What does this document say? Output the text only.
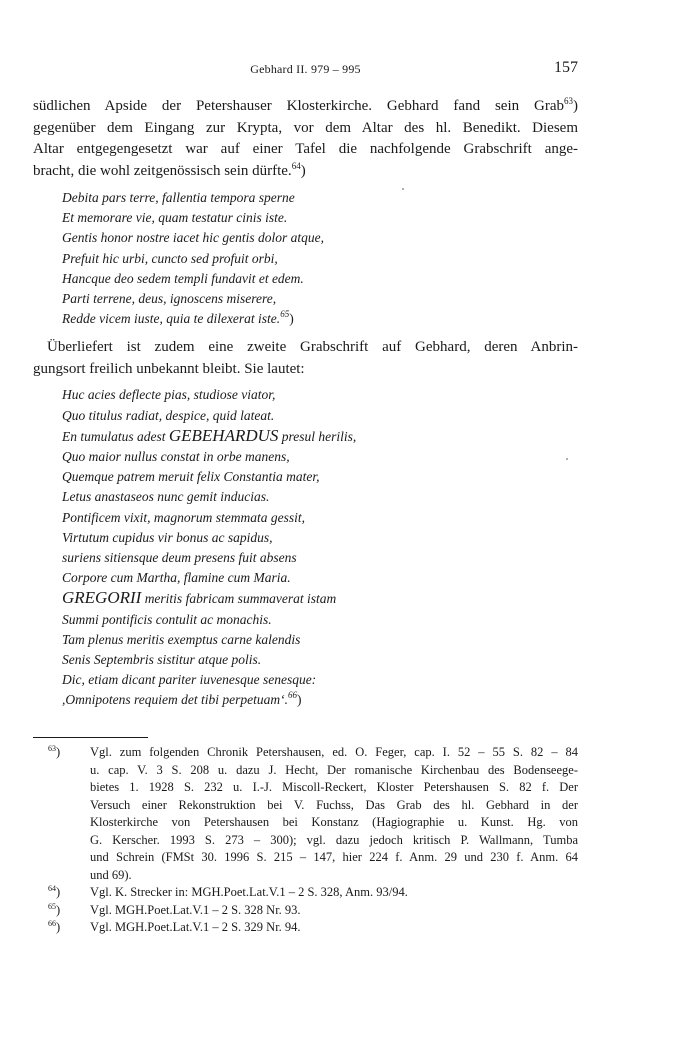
Gebhard II. 979 – 995	157

südlichen Apside der Petershauser Klosterkirche. Gebhard fand sein Grab$^{63}$)
gegenüber dem Eingang zur Krypta, vor dem Altar des hl. Benedikt. Diesem
Altar entgegengesetzt war auf einer Tafel die nachfolgende Grabschrift ange-
bracht, die wohl zeitgenössisch sein dürfte.$^{64}$)

Debita pars terre, fallentia tempora sperne
Et memorare vie, quam testatur cinis iste.
Gentis honor nostre iacet hic gentis dolor atque,
Prefuit hic urbi, cuncto sed profuit orbi,
Hancque deo sedem templi fundavit et edem.
Parti terrene, deus, ignoscens miserere,
Redde vicem iuste, quia te dilexerat iste.$^{65}$)

Überliefert ist zudem eine zweite Grabschrift auf Gebhard, deren Anbrin-
gungsort freilich unbekannt bleibt. Sie lautet:

Huc acies deflecte pias, studiose viator,
Quo titulus radiat, despice, quid lateat.
En tumulatus adest GEBEHARDUS presul herilis,
Quo maior nullus constat in orbe manens,
Quemque patrem meruit felix Constantia mater,
Letus anastaseos nunc gemit inducias.
Pontificem vixit, magnorum stemmata gessit,
Virtutum cupidus vir bonus ac sapidus,
suriens sitiensque deum presens fuit absens
Corpore cum Martha, flamine cum Maria.
GREGORII meritis fabricam summaverat istam
Summi pontificis contulit ac monachis.
Tam plenus meritis exemptus carne kalendis
Senis Septembris sistitur atque polis.
Dic, etiam dicant pariter iuvenesque senesque:
,Omnipotens requiem det tibi perpetuam‘.$^{66}$)
$^{63}$)	Vgl. zum folgenden Chronik Petershausen, ed. O. Feger, cap. I. 52 – 55 S. 82 – 84
u. cap. V. 3 S. 208 u. dazu J. Hecht, Der romanische Kirchenbau des Bodenseege-
bietes 1. 1928 S. 232 u. I.-J. Miscoll-Reckert, Kloster Petershausen S. 82 f. Der
Versuch einer Rekonstruktion bei V. Fuchss, Das Grab des hl. Gebhard in der
Klosterkirche von Petershausen bei Konstanz (Hagiographie u. Kunst. Hg. von
G. Kerscher. 1993 S. 273 – 300); vgl. dazu jedoch kritisch P. Wallmann, Tumba
und Schrein (FMSt 30. 1996 S. 215 – 147, hier 224 f. Anm. 29 und 230 f. Anm. 64
und 69).
$^{64}$)	Vgl. K. Strecker in: MGH.Poet.Lat.V.1 – 2 S. 328, Anm. 93/94.
$^{65}$)	Vgl. MGH.Poet.Lat.V.1 – 2 S. 328 Nr. 93.
$^{66}$)	Vgl. MGH.Poet.Lat.V.1 – 2 S. 329 Nr. 94.
